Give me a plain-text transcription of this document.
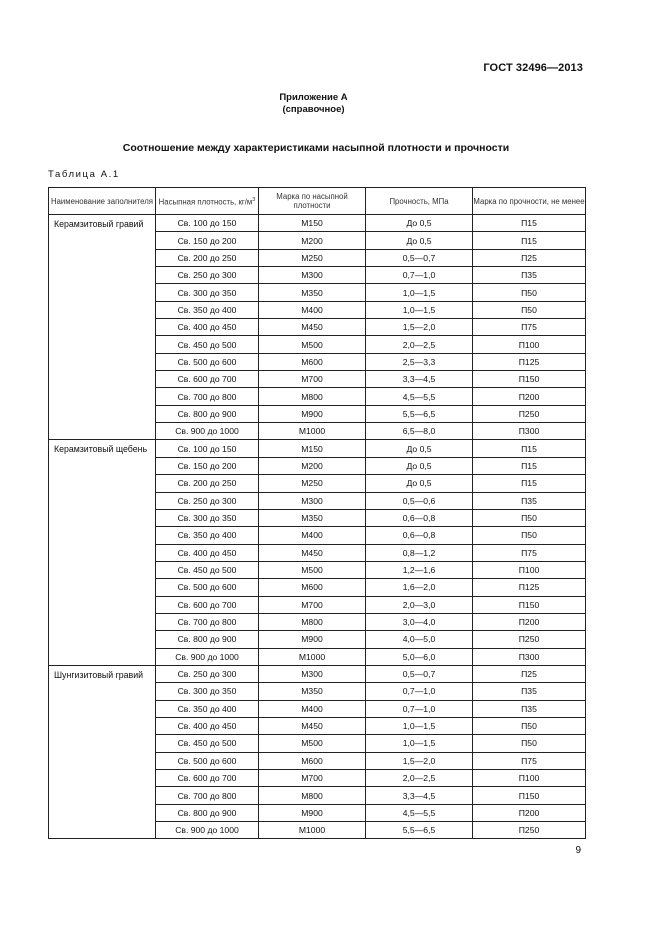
ГОСТ 32496—2013
Приложение А
(справочное)
Соотношение между характеристиками насыпной плотности и прочности
Таблица А.1
Наименование заполнителя	Насыпная плотность, $кг/м^3$	Марка по насыпной плотности	Прочность, МПа	Марка по прочности, не менее
Керамзитовый гравий	Св. 100 до 150	М150	До 0,5	П15
	Св. 150 до 200	М200	До 0,5	П15
	Св. 200 до 250	М250	0,5—0,7	П25
	Св. 250 до 300	М300	0,7—1,0	П35
	Св. 300 до 350	М350	1,0—1,5	П50
	Св. 350 до 400	М400	1,0—1,5	П50
	Св. 400 до 450	М450	1,5—2,0	П75
	Св. 450 до 500	М500	2,0—2,5	П100
	Св. 500 до 600	М600	2,5—3,3	П125
	Св. 600 до 700	М700	3,3—4,5	П150
	Св. 700 до 800	М800	4,5—5,5	П200
	Св. 800 до 900	М900	5,5—6,5	П250
	Св. 900 до 1000	М1000	6,5—8,0	П300
Керамзитовый щебень	Св. 100 до 150	М150	До 0,5	П15
	Св. 150 до 200	М200	До 0,5	П15
	Св. 200 до 250	М250	До 0,5	П15
	Св. 250 до 300	М300	0,5—0,6	П35
	Св. 300 до 350	М350	0,6—0,8	П50
	Св. 350 до 400	М400	0,6—0,8	П50
	Св. 400 до 450	М450	0,8—1,2	П75
	Св. 450 до 500	М500	1,2—1,6	П100
	Св. 500 до 600	М600	1,6—2,0	П125
	Св. 600 до 700	М700	2,0—3,0	П150
	Св. 700 до 800	М800	3,0—4,0	П200
	Св. 800 до 900	М900	4,0—5,0	П250
	Св. 900 до 1000	М1000	5,0—6,0	П300
Шунгизитовый гравий	Св. 250 до 300	М300	0,5—0,7	П25
	Св. 300 до 350	М350	0,7—1,0	П35
	Св. 350 до 400	М400	0,7—1,0	П35
	Св. 400 до 450	М450	1,0—1,5	П50
	Св. 450 до 500	М500	1,0—1,5	П50
	Св. 500 до 600	М600	1,5—2,0	П75
	Св. 600 до 700	М700	2,0—2,5	П100
	Св. 700 до 800	М800	3,3—4,5	П150
	Св. 800 до 900	М900	4,5—5,5	П200
	Св. 900 до 1000	М1000	5,5—6,5	П250
9
